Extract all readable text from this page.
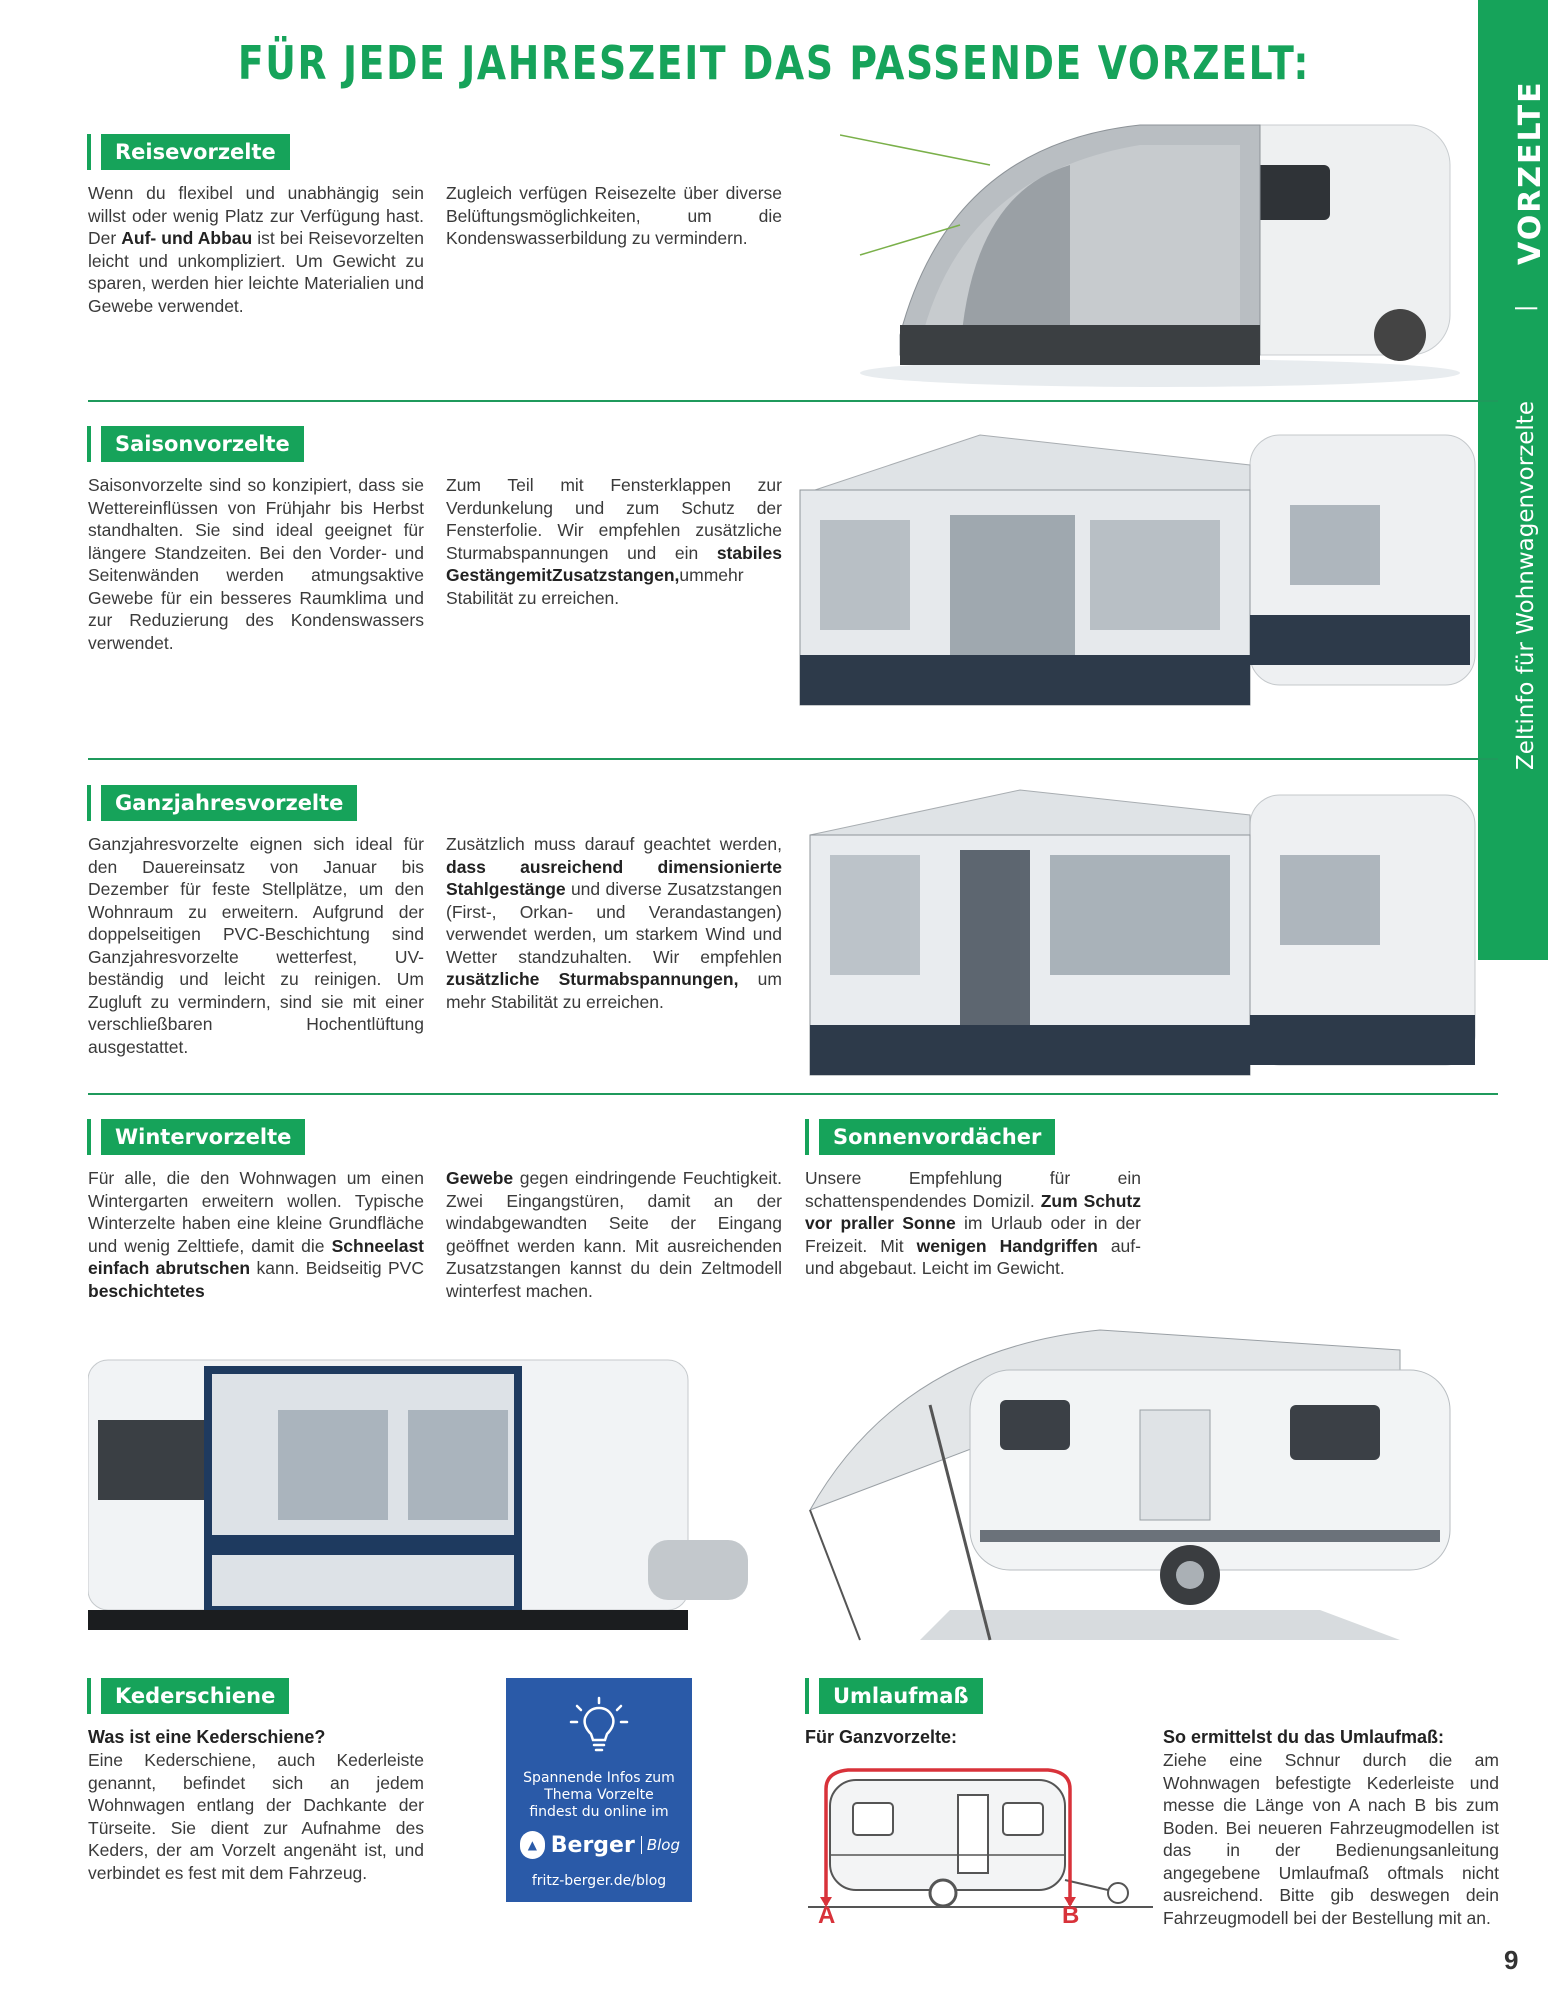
FÜR JEDE JAHRESZEIT DAS PASSENDE VORZELT:
VORZELTE
|
Zeltinfo für Wohnwagenvorzelte
Reisevorzelte
Wenn du flexibel und unabhängig sein willst oder wenig Platz zur Verfügung hast. Der Auf- und Abbau ist bei Reisevorzelten leicht und unkompliziert. Um Gewicht zu sparen, werden hier leichte Materialien und Gewebe verwendet.
Zugleich verfügen Reisezelte über diverse Belüftungsmöglichkeiten, um die Kondenswasserbildung zu vermindern.
Saisonvorzelte
Saisonvorzelte sind so konzipiert, dass sie Wettereinflüssen von Frühjahr bis Herbst standhalten. Sie sind ideal geeignet für längere Standzeiten. Bei den Vorder- und Seitenwänden werden atmungsaktive Gewebe für ein besseres Raumklima und zur Reduzierung des Kondenswassers verwendet.
Zum Teil mit Fensterklappen zur Verdunkelung und zum Schutz der Fensterfolie. Wir empfehlen zusätzliche Sturmabspannungen und ein stabiles GestängemitZusatzstangen,ummehr Stabilität zu erreichen.
Ganzjahresvorzelte
Ganzjahresvorzelte eignen sich ideal für den Dauereinsatz von Januar bis Dezember für feste Stellplätze, um den Wohnraum zu erweitern. Aufgrund der doppelseitigen PVC-Beschichtung sind Ganzjahresvorzelte wetterfest, UV-beständig und leicht zu reinigen. Um Zugluft zu vermindern, sind sie mit einer verschließbaren Hochentlüftung ausgestattet.
Zusätzlich muss darauf geachtet werden, dass ausreichend dimensionierte Stahlgestänge und diverse Zusatzstangen (First-, Orkan- und Verandastangen) verwendet werden, um starkem Wind und Wetter standzuhalten. Wir empfehlen zusätzliche Sturmabspannungen, um mehr Stabilität zu erreichen.
Wintervorzelte
Für alle, die den Wohnwagen um einen Wintergarten erweitern wollen. Typische Winterzelte haben eine kleine Grundfläche und wenig Zelttiefe, damit die Schneelast einfach abrutschen kann. Beidseitig PVC beschichtetes
Gewebe gegen eindringende Feuchtigkeit. Zwei Eingangstüren, damit an der windabgewandten Seite der Eingang geöffnet werden kann. Mit ausreichenden Zusatzstangen kannst du dein Zeltmodell winterfest machen.
Sonnenvordächer
Unsere Empfehlung für ein schattenspendendes Domizil. Zum Schutz vor praller Sonne im Urlaub oder in der Freizeit. Mit wenigen Handgriffen auf- und abgebaut. Leicht im Gewicht.
Kederschiene
Was ist eine Kederschiene?
Eine Kederschiene, auch Kederleiste genannt, befindet sich an jedem Wohnwagen entlang der Dachkante der Türseite. Sie dient zur Aufnahme des Keders, der am Vorzelt angenäht ist, und verbindet es fest mit dem Fahrzeug.
Spannende Infos zum
Thema Vorzelte
findest du online im
▲ Berger Blog
fritz-berger.de/blog
Umlaufmaß
Für Ganzvorzelte:	So ermittelst du das Umlaufmaß:
Ziehe eine Schnur durch die am Wohnwagen befestigte Kederleiste und messe die Länge von A nach B bis zum Boden. Bei neueren Fahrzeugmodellen ist das in der Bedienungsanleitung angegebene Umlaufmaß oftmals nicht ausreichend. Bitte gib deswegen dein Fahrzeugmodell bei der Bestellung mit an.
A	B
9
